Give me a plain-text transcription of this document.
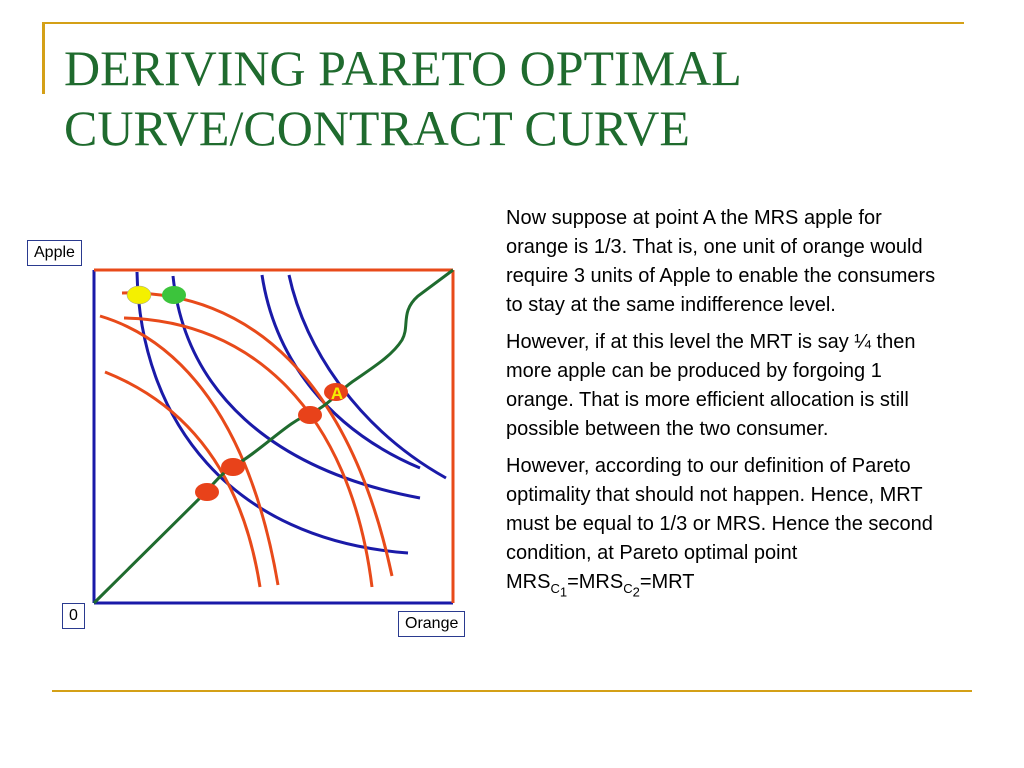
DERIVING PARETO OPTIMAL
CURVE/CONTRACT CURVE
A
Apple
0	Orange

Now suppose at point A the MRS apple for orange is 1/3. That is, one unit of orange would require 3 units of Apple to enable the consumers to stay at the same indifference level.

However, if at this level the MRT is say ¼ then more apple can be produced by forgoing 1 orange. That is more efficient allocation is still possible between the two consumer.

However, according to our definition of Pareto optimality that should not happen. Hence, MRT must be equal to 1/3 or MRS. Hence the second condition, at Pareto optimal point
$MRS_{C_1}=MRS_{C_2}=MRT$
